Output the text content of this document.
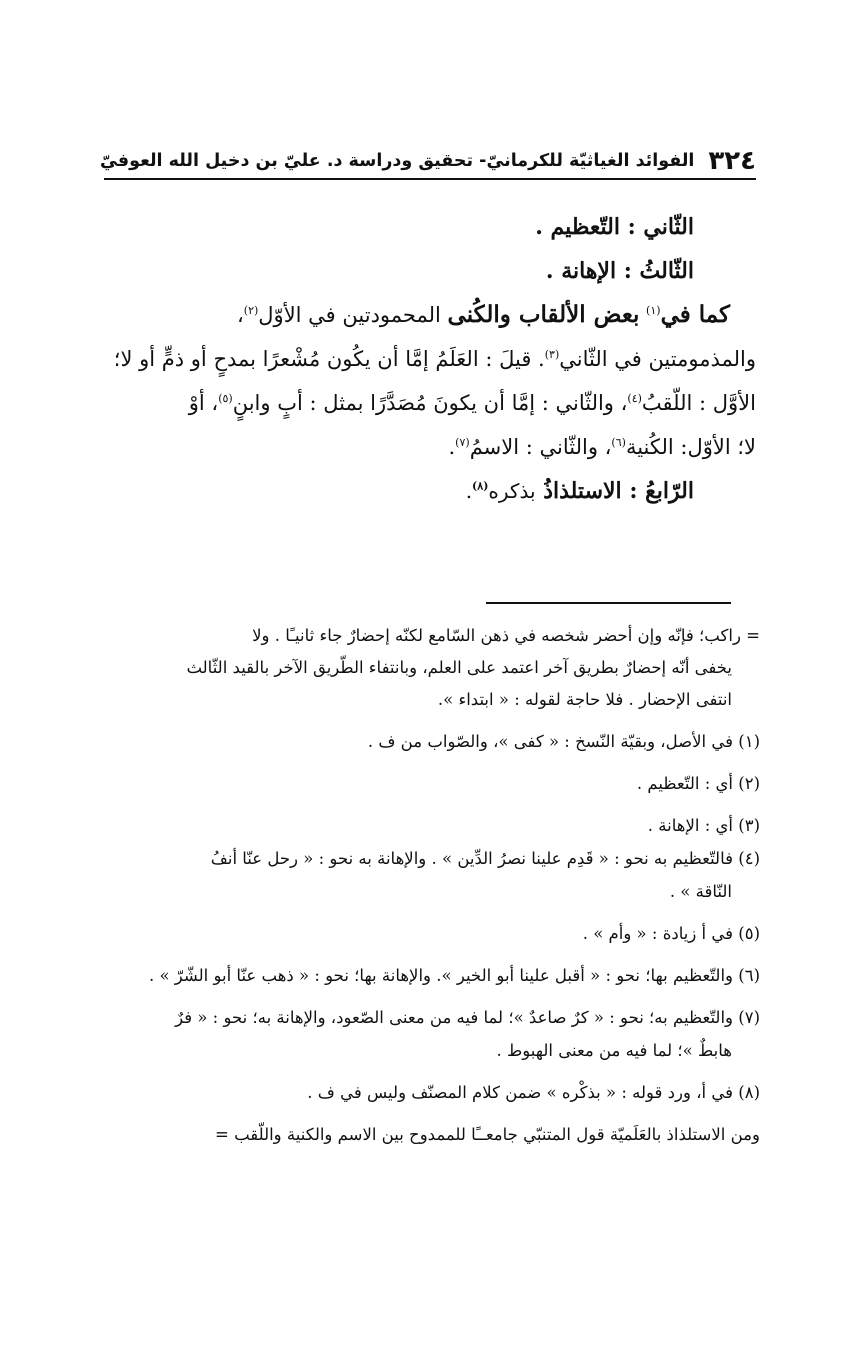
٣٢٤
الفوائد الغياثيّة للكرمانيّ- تحقيق ودراسة د. عليّ بن دخيل الله العوفيّ

الثّاني : التّعظيم .

الثّالثُ : الإهانة .

كما في$^{(١)}$ بعض الألقاب والكُنى المحمودتين في الأوّل$^{(٢)}$،

والمذمومتين في الثّاني$^{(٣)}$. قيلَ : العَلَمُ إمَّا أن يكُون مُشْعرًا بمدحٍ أو ذمٍّ أو لا؛

الأوَّل : اللّقبُ$^{(٤)}$، والثّاني : إمَّا أن يكونَ مُصَدَّرًا بمثل : أبٍ وابنٍ$^{(٥)}$، أوْ

لا؛ الأوّل: الكُنية$^{(٦)}$، والثّاني : الاسمُ$^{(٧)}$.

الرّابعُ : الاستلذاذُ بذكره$^{(٨)}$.

= راكب؛ فإنّه وإن أحضر شخصه في ذهن السّامع لكنّه إحضارٌ جاء ثانيـًا . ولا

يخفى أنّه إحضارٌ بطريق آخر اعتمد على العلم، وبانتفاء الطّريق الآخر بالقيد الثّالث

انتفى الإحضار . فلا حاجة لقوله : « ابتداء ».

(١) في الأصل، وبقيّة النّسخ : « كفى »، والصّواب من ف .

(٢) أي : التّعظيم .

(٣) أي : الإهانة .

(٤) فالتّعظيم به نحو : « قَدِم علينا نصرُ الدِّين » . والإهانة به نحو : « رحل عنّا أنفُ

النّاقة » .

(٥) في أ زيادة : « وأم » .

(٦) والتّعظيم بها؛ نحو : « أقبل علينا أبو الخير ». والإهانة بها؛ نحو : « ذهب عنّا أبو الشّرّ » .

(٧) والتّعظيم به؛ نحو : « كرٌ صاعدٌ »؛ لما فيه من معنى الصّعود، والإهانة به؛ نحو : « فرٌ

هابطٌ »؛ لما فيه من معنى الهبوط .

(٨) في أ، ورد قوله : « بذكْره » ضمن كلام المصنّف وليس في ف .

ومن الاستلذاذ بالعَلَميّة قول المتنبّي جامعــًا للممدوح بين الاسم والكنية واللّقب =
